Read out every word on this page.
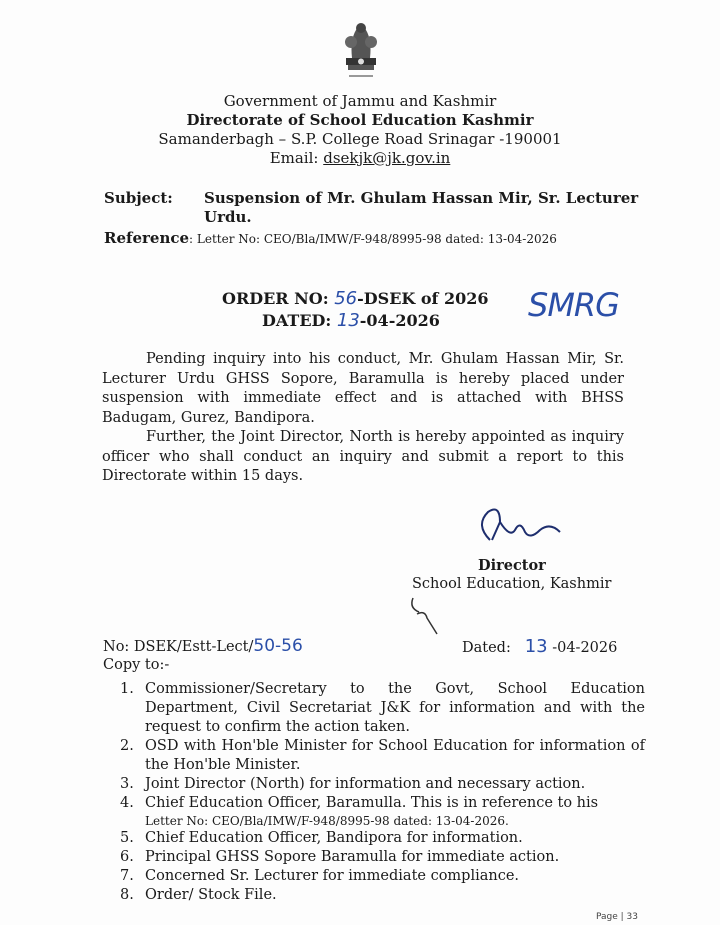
Government of Jammu and Kashmir
Directorate of School Education Kashmir
Samanderbagh – S.P. College Road Srinagar -190001
Email: dsekjk@jk.gov.in
Subject: Suspension of Mr. Ghulam Hassan Mir, Sr. Lecturer
Urdu.
Reference: Letter No: CEO/Bla/IMW/F-948/8995-98 dated: 13-04-2026
ORDER NO: 56-DSEK of 2026
DATED: 13-04-2026	SMRG

Pending inquiry into his conduct, Mr. Ghulam Hassan Mir, Sr. Lecturer Urdu GHSS Sopore, Baramulla is hereby placed under suspension with immediate effect and is attached with BHSS Badugam, Gurez, Bandipora.

Further, the Joint Director, North is hereby appointed as inquiry officer who shall conduct an inquiry and submit a report to this Directorate within 15 days.

Director
School Education, Kashmir
No: DSEK/Estt-Lect/50-56	Dated: 13 -04-2026
Copy to:-
1. Commissioner/Secretary to the Govt, School Education Department, Civil Secretariat J&K for information and with the request to confirm the action taken.
2. OSD with Hon'ble Minister for School Education for information of the Hon'ble Minister.
3. Joint Director (North) for information and necessary action.
4. Chief Education Officer, Baramulla. This is in reference to his
Letter No: CEO/Bla/IMW/F-948/8995-98 dated: 13-04-2026.
5. Chief Education Officer, Bandipora for information.
6. Principal GHSS Sopore Baramulla for immediate action.
7. Concerned Sr. Lecturer for immediate compliance.
8. Order/ Stock File.
Page | 33
